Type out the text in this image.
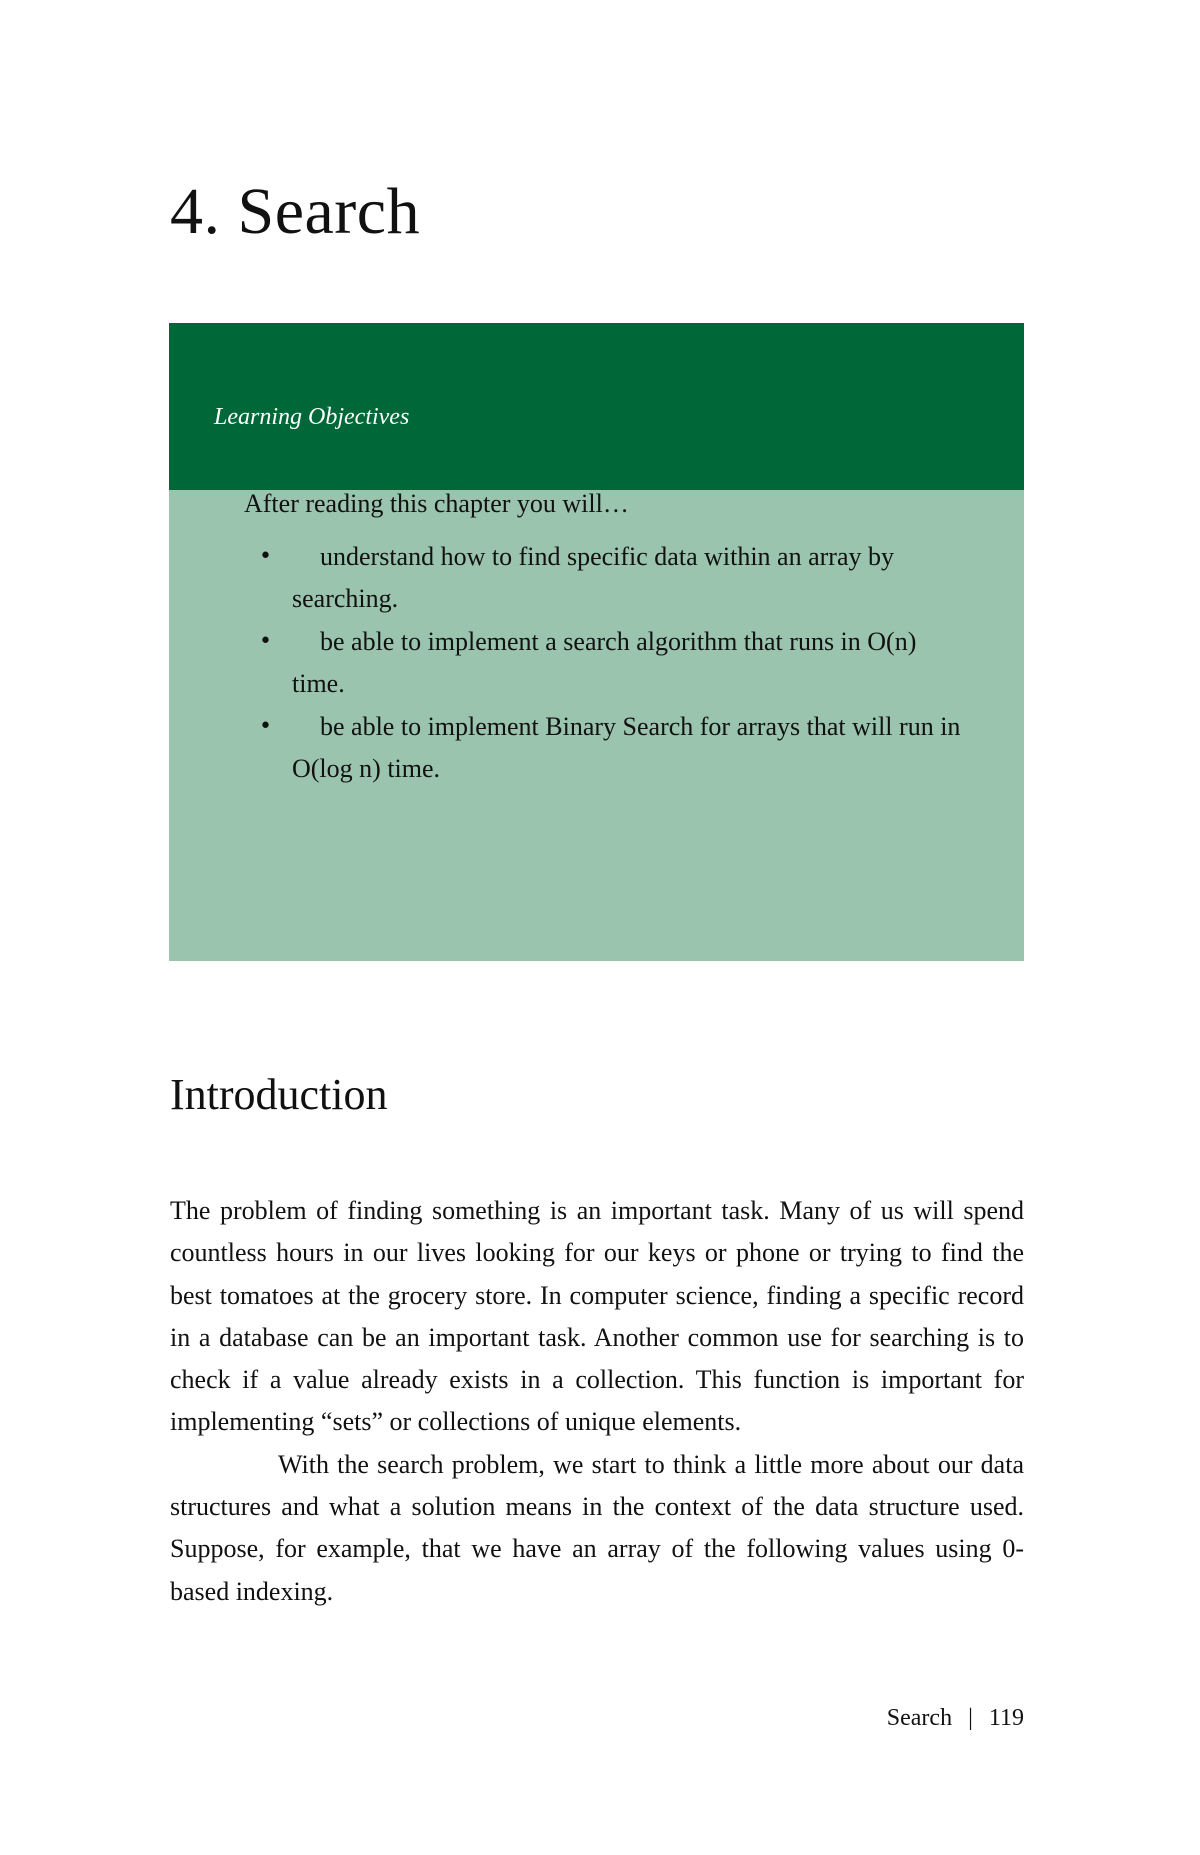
4. Search
Learning Objectives
After reading this chapter you will…
•	understand how to find specific data within an array by searching.
•	be able to implement a search algorithm that runs in O(n) time.
•	be able to implement Binary Search for arrays that will run in O(log n) time.
Introduction

The problem of finding something is an important task. Many of us will spend countless hours in our lives looking for our keys or phone or trying to find the best tomatoes at the grocery store. In computer science, finding a specific record in a database can be an important task. Another common use for searching is to check if a value already exists in a collection. This function is important for implementing “sets” or collections of unique elements.

With the search problem, we start to think a little more about our data structures and what a solution means in the context of the data structure used. Suppose, for example, that we have an array of the following values using 0-based indexing.

Search | 119
